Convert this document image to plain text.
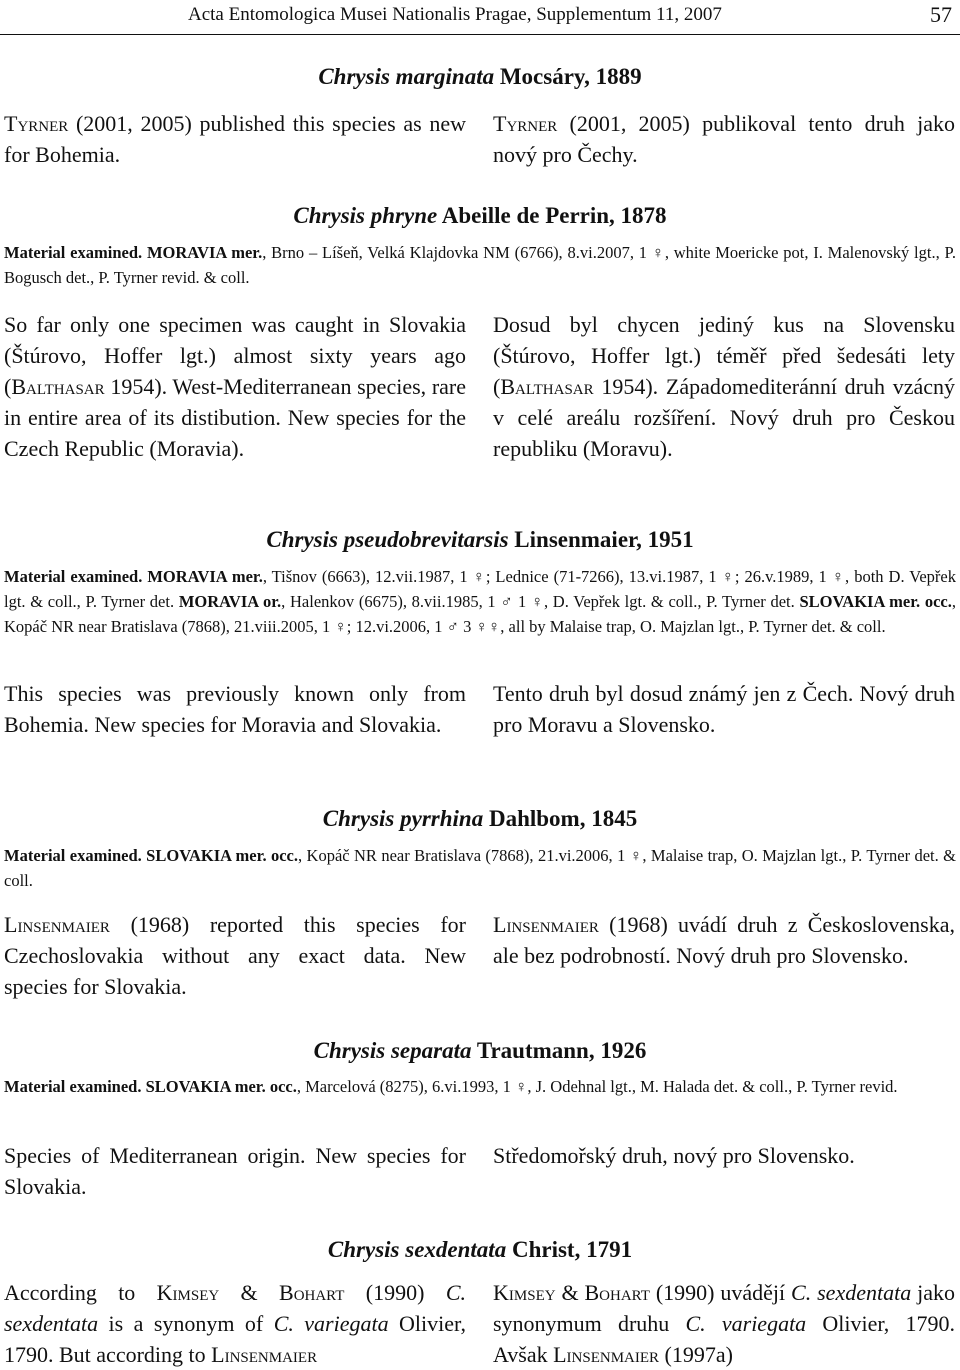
Acta Entomologica Musei Nationalis Pragae, Supplementum 11, 2007	57
Chrysis marginata Mocsáry, 1889
Tyrner (2001, 2005) published this species as new for Bohemia.
Tyrner (2001, 2005) publikoval tento druh jako nový pro Čechy.
Chrysis phryne Abeille de Perrin, 1878
Material examined. MORAVIA mer., Brno – Líšeň, Velká Klajdovka NM (6766), 8.vi.2007, 1 ♀, white Moericke pot, I. Malenovský lgt., P. Bogusch det., P. Tyrner revid. & coll.
So far only one specimen was caught in Slovakia (Štúrovo, Hoffer lgt.) almost sixty years ago (Balthasar 1954). West-Mediterranean species, rare in entire area of its distibution. New species for the Czech Republic (Moravia).
Dosud byl chycen jediný kus na Slovensku (Štúrovo, Hoffer lgt.) téměř před šedesáti lety (Balthasar 1954). Západomediteránní druh vzácný v celé areálu rozšíření. Nový druh pro Českou republiku (Moravu).
Chrysis pseudobrevitarsis Linsenmaier, 1951
Material examined. MORAVIA mer., Tišnov (6663), 12.vii.1987, 1 ♀; Lednice (71-7266), 13.vi.1987, 1 ♀; 26.v.1989, 1 ♀, both D. Vepřek lgt. & coll., P. Tyrner det. MORAVIA or., Halenkov (6675), 8.vii.1985, 1 ♂ 1 ♀, D. Vepřek lgt. & coll., P. Tyrner det. SLOVAKIA mer. occ., Kopáč NR near Bratislava (7868), 21.viii.2005, 1 ♀; 12.vi.2006, 1 ♂ 3 ♀♀, all by Malaise trap, O. Majzlan lgt., P. Tyrner det. & coll.
This species was previously known only from Bohemia. New species for Moravia and Slovakia.
Tento druh byl dosud známý jen z Čech. Nový druh pro Moravu a Slovensko.
Chrysis pyrrhina Dahlbom, 1845
Material examined. SLOVAKIA mer. occ., Kopáč NR near Bratislava (7868), 21.vi.2006, 1 ♀, Malaise trap, O. Majzlan lgt., P. Tyrner det. & coll.
Linsenmaier (1968) reported this species for Czechoslovakia without any exact data. New species for Slovakia.
Linsenmaier (1968) uvádí druh z Československa, ale bez podrobností. Nový druh pro Slovensko.
Chrysis separata Trautmann, 1926
Material examined. SLOVAKIA mer. occ., Marcelová (8275), 6.vi.1993, 1 ♀, J. Odehnal lgt., M. Halada det. & coll., P. Tyrner revid.
Species of Mediterranean origin. New species for Slovakia.
Středomořský druh, nový pro Slovensko.
Chrysis sexdentata Christ, 1791
According to Kimsey & Bohart (1990) C. sexdentata is a synonym of C. variegata Olivier, 1790. But according to Linsenmaier
Kimsey & Bohart (1990) uvádějí C. sexdentata jako synonymum druhu C. variegata Olivier, 1790. Avšak Linsenmaier (1997a)
